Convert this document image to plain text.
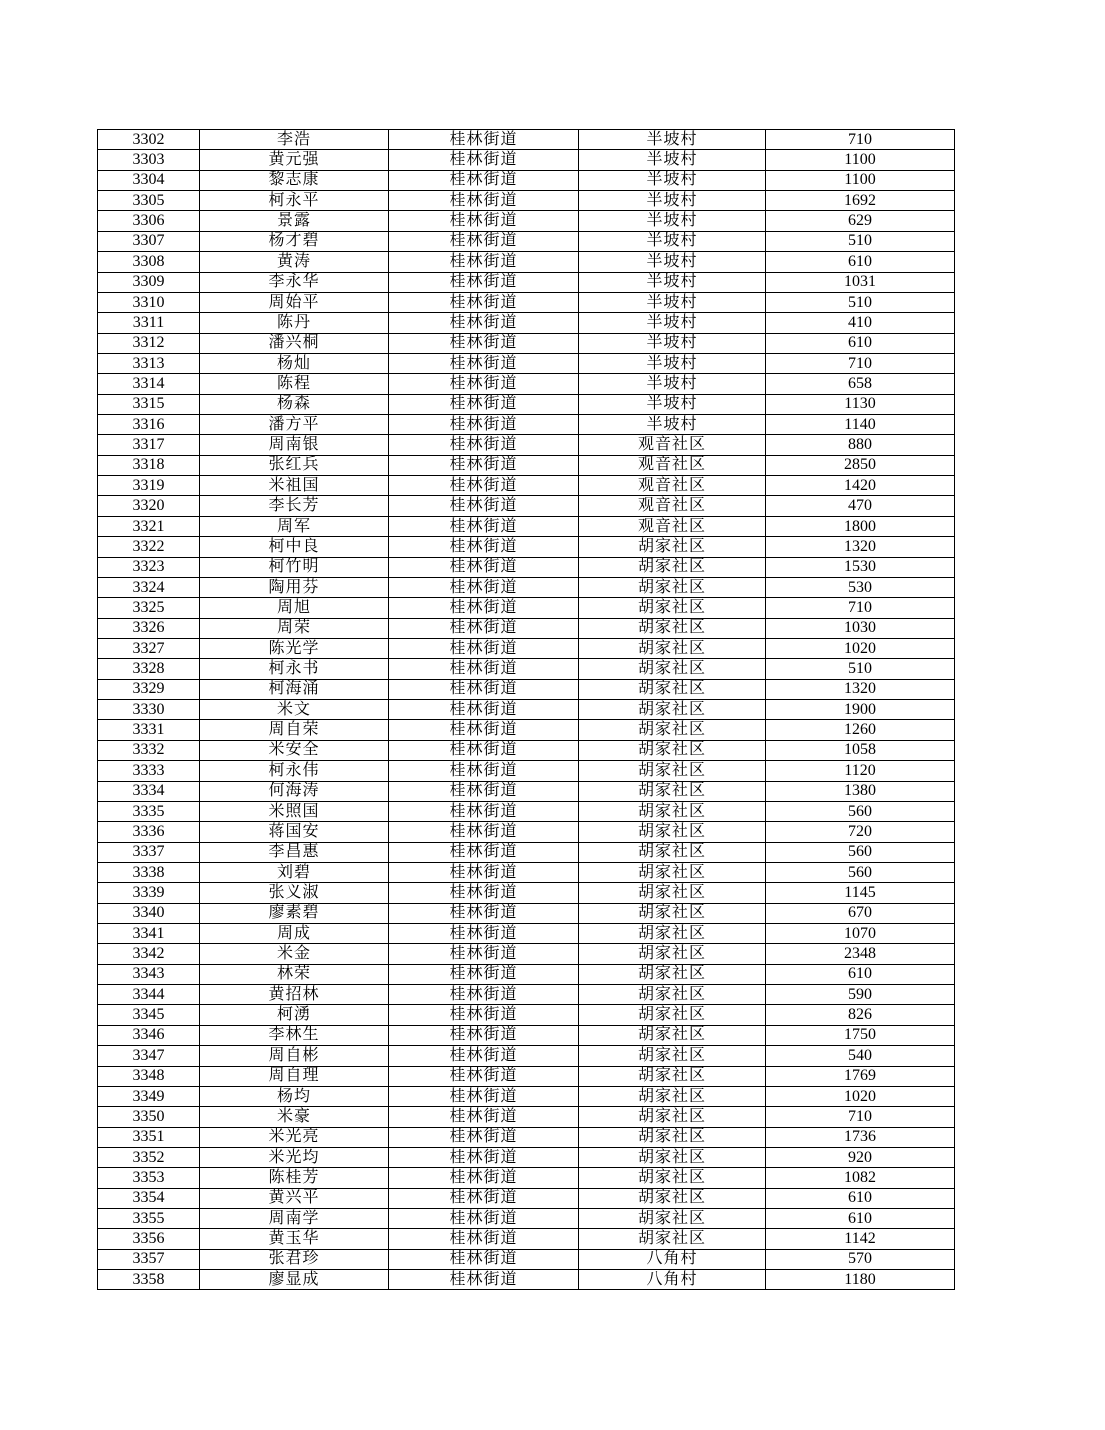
3302	李浩	桂林街道	半坡村	710
3303	黄元强	桂林街道	半坡村	1100
3304	黎志康	桂林街道	半坡村	1100
3305	柯永平	桂林街道	半坡村	1692
3306	景露	桂林街道	半坡村	629
3307	杨才碧	桂林街道	半坡村	510
3308	黄涛	桂林街道	半坡村	610
3309	李永华	桂林街道	半坡村	1031
3310	周始平	桂林街道	半坡村	510
3311	陈丹	桂林街道	半坡村	410
3312	潘兴桐	桂林街道	半坡村	610
3313	杨灿	桂林街道	半坡村	710
3314	陈程	桂林街道	半坡村	658
3315	杨森	桂林街道	半坡村	1130
3316	潘方平	桂林街道	半坡村	1140
3317	周南银	桂林街道	观音社区	880
3318	张红兵	桂林街道	观音社区	2850
3319	米祖国	桂林街道	观音社区	1420
3320	李长芳	桂林街道	观音社区	470
3321	周军	桂林街道	观音社区	1800
3322	柯中良	桂林街道	胡家社区	1320
3323	柯竹明	桂林街道	胡家社区	1530
3324	陶用芬	桂林街道	胡家社区	530
3325	周旭	桂林街道	胡家社区	710
3326	周荣	桂林街道	胡家社区	1030
3327	陈光学	桂林街道	胡家社区	1020
3328	柯永书	桂林街道	胡家社区	510
3329	柯海涌	桂林街道	胡家社区	1320
3330	米文	桂林街道	胡家社区	1900
3331	周自荣	桂林街道	胡家社区	1260
3332	米安全	桂林街道	胡家社区	1058
3333	柯永伟	桂林街道	胡家社区	1120
3334	何海涛	桂林街道	胡家社区	1380
3335	米照国	桂林街道	胡家社区	560
3336	蒋国安	桂林街道	胡家社区	720
3337	李昌惠	桂林街道	胡家社区	560
3338	刘碧	桂林街道	胡家社区	560
3339	张义淑	桂林街道	胡家社区	1145
3340	廖素碧	桂林街道	胡家社区	670
3341	周成	桂林街道	胡家社区	1070
3342	米金	桂林街道	胡家社区	2348
3343	林荣	桂林街道	胡家社区	610
3344	黄招林	桂林街道	胡家社区	590
3345	柯湧	桂林街道	胡家社区	826
3346	李林生	桂林街道	胡家社区	1750
3347	周自彬	桂林街道	胡家社区	540
3348	周自理	桂林街道	胡家社区	1769
3349	杨均	桂林街道	胡家社区	1020
3350	米豪	桂林街道	胡家社区	710
3351	米光亮	桂林街道	胡家社区	1736
3352	米光均	桂林街道	胡家社区	920
3353	陈桂芳	桂林街道	胡家社区	1082
3354	黄兴平	桂林街道	胡家社区	610
3355	周南学	桂林街道	胡家社区	610
3356	黄玉华	桂林街道	胡家社区	1142
3357	张君珍	桂林街道	八角村	570
3358	廖显成	桂林街道	八角村	1180
